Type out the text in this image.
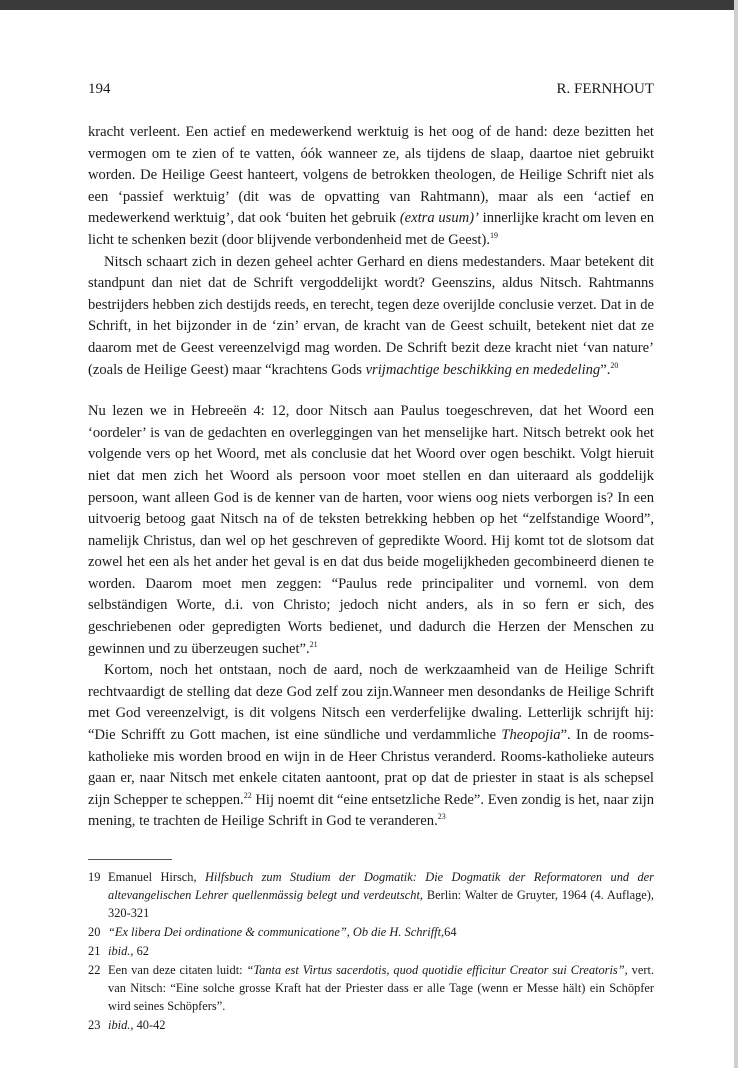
194	R. FERNHOUT

kracht verleent. Een actief en medewerkend werktuig is het oog of de hand: deze bezitten het vermogen om te zien of te vatten, óók wanneer ze, als tijdens de slaap, daartoe niet gebruikt worden. De Heilige Geest hanteert, volgens de betrokken theologen, de Heilige Schrift niet als een ‘passief werktuig’ (dit was de opvatting van Rahtmann), maar als een ‘actief en medewerkend werktuig’, dat ook ‘buiten het gebruik (extra usum)’ innerlijke kracht om leven en licht te schenken bezit (door blijvende verbondenheid met de Geest).$^{19}$

Nitsch schaart zich in dezen geheel achter Gerhard en diens medestanders. Maar betekent dit standpunt dan niet dat de Schrift vergoddelijkt wordt? Geenszins, aldus Nitsch. Rahtmanns bestrijders hebben zich destijds reeds, en terecht, tegen deze overijlde conclusie verzet. Dat in de Schrift, in het bijzonder in de ‘zin’ ervan, de kracht van de Geest schuilt, betekent niet dat ze daarom met de Geest vereenzelvigd mag worden. De Schrift bezit deze kracht niet ‘van nature’ (zoals de Heilige Geest) maar “krachtens Gods vrijmachtige beschikking en mededeling”.$^{20}$

Nu lezen we in Hebreeën 4: 12, door Nitsch aan Paulus toegeschreven, dat het Woord een ‘oordeler’ is van de gedachten en overleggingen van het menselijke hart. Nitsch betrekt ook het volgende vers op het Woord, met als conclusie dat het Woord over ogen beschikt. Volgt hieruit niet dat men zich het Woord als persoon voor moet stellen en dan uiteraard als goddelijk persoon, want alleen God is de kenner van de harten, voor wiens oog niets verborgen is? In een uitvoerig betoog gaat Nitsch na of de teksten betrekking hebben op het “zelfstandige Woord”, namelijk Christus, dan wel op het geschreven of gepredikte Woord. Hij komt tot de slotsom dat zowel het een als het ander het geval is en dat dus beide mogelijkheden gecombineerd dienen te worden. Daarom moet men zeggen: “Paulus rede principaliter und vorneml. von dem selbständigen Worte, d.i. von Christo; jedoch nicht anders, als in so fern er sich, des geschriebenen oder gepredigten Worts bedienet, und dadurch die Herzen der Menschen zu gewinnen und zu überzeugen suchet”.$^{21}$

Kortom, noch het ontstaan, noch de aard, noch de werkzaamheid van de Heilige Schrift rechtvaardigt de stelling dat deze God zelf zou zijn.Wanneer men desondanks de Heilige Schrift met God vereenzelvigt, is dit volgens Nitsch een verderfelijke dwaling. Letterlijk schrijft hij: “Die Schrifft zu Gott machen, ist eine sündliche und verdammliche Theopojia”. In de rooms-katholieke mis worden brood en wijn in de Heer Christus veranderd. Rooms-katholieke auteurs gaan er, naar Nitsch met enkele citaten aantoont, prat op dat de priester in staat is als schepsel zijn Schepper te scheppen.$^{22}$ Hij noemt dit “eine entsetzliche Rede”. Even zondig is het, naar zijn mening, te trachten de Heilige Schrift in God te veranderen.$^{23}$

19 Emanuel Hirsch, Hilfsbuch zum Studium der Dogmatik: Die Dogmatik der Reformatoren und der altevangelischen Lehrer quellenmässig belegt und verdeutscht, Berlin: Walter de Gruyter, 1964 (4. Auflage), 320-321
20 “Ex libera Dei ordinatione & communicatione”, Ob die H. Schrifft,64
21 ibid., 62
22 Een van deze citaten luidt: “Tanta est Virtus sacerdotis, quod quotidie efficitur Creator sui Creatoris”, vert. van Nitsch: “Eine solche grosse Kraft hat der Priester dass er alle Tage (wenn er Messe hält) ein Schöpfer wird seines Schöpfers”.
23 ibid., 40-42
